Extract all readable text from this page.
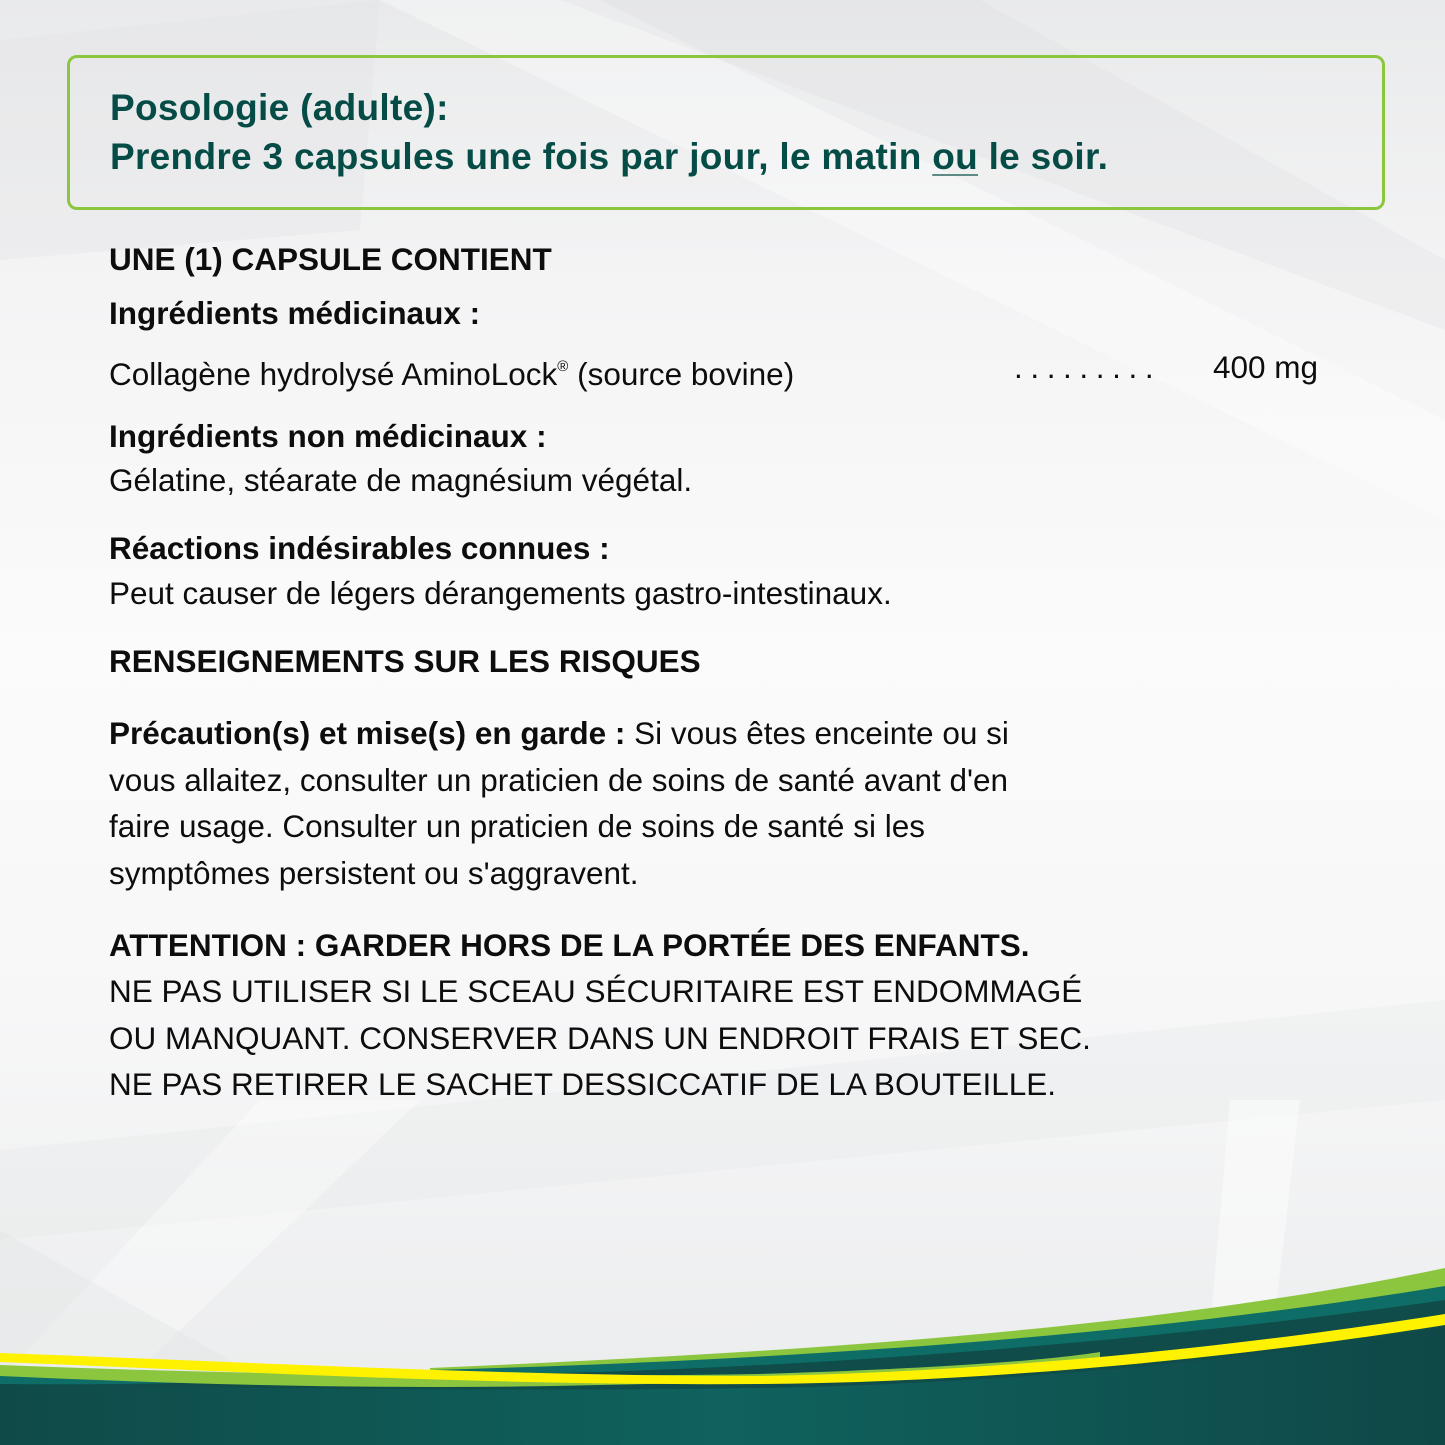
Posologie (adulte):
Prendre 3 capsules une fois par jour, le matin ou le soir.
UNE (1) CAPSULE CONTIENT
Ingrédients médicinaux :
Collagène hydrolysé AminoLock® (source bovine)	......... 400 mg
Ingrédients non médicinaux :
Gélatine, stéarate de magnésium végétal.
Réactions indésirables connues :
Peut causer de légers dérangements gastro-intestinaux.
RENSEIGNEMENTS SUR LES RISQUES
Précaution(s) et mise(s) en garde : Si vous êtes enceinte ou si
vous allaitez, consulter un praticien de soins de santé avant d'en
faire usage. Consulter un praticien de soins de santé si les
symptômes persistent ou s'aggravent.
ATTENTION : GARDER HORS DE LA PORTÉE DES ENFANTS.
NE PAS UTILISER SI LE SCEAU SÉCURITAIRE EST ENDOMMAGÉ
OU MANQUANT. CONSERVER DANS UN ENDROIT FRAIS ET SEC.
NE PAS RETIRER LE SACHET DESSICCATIF DE LA BOUTEILLE.
